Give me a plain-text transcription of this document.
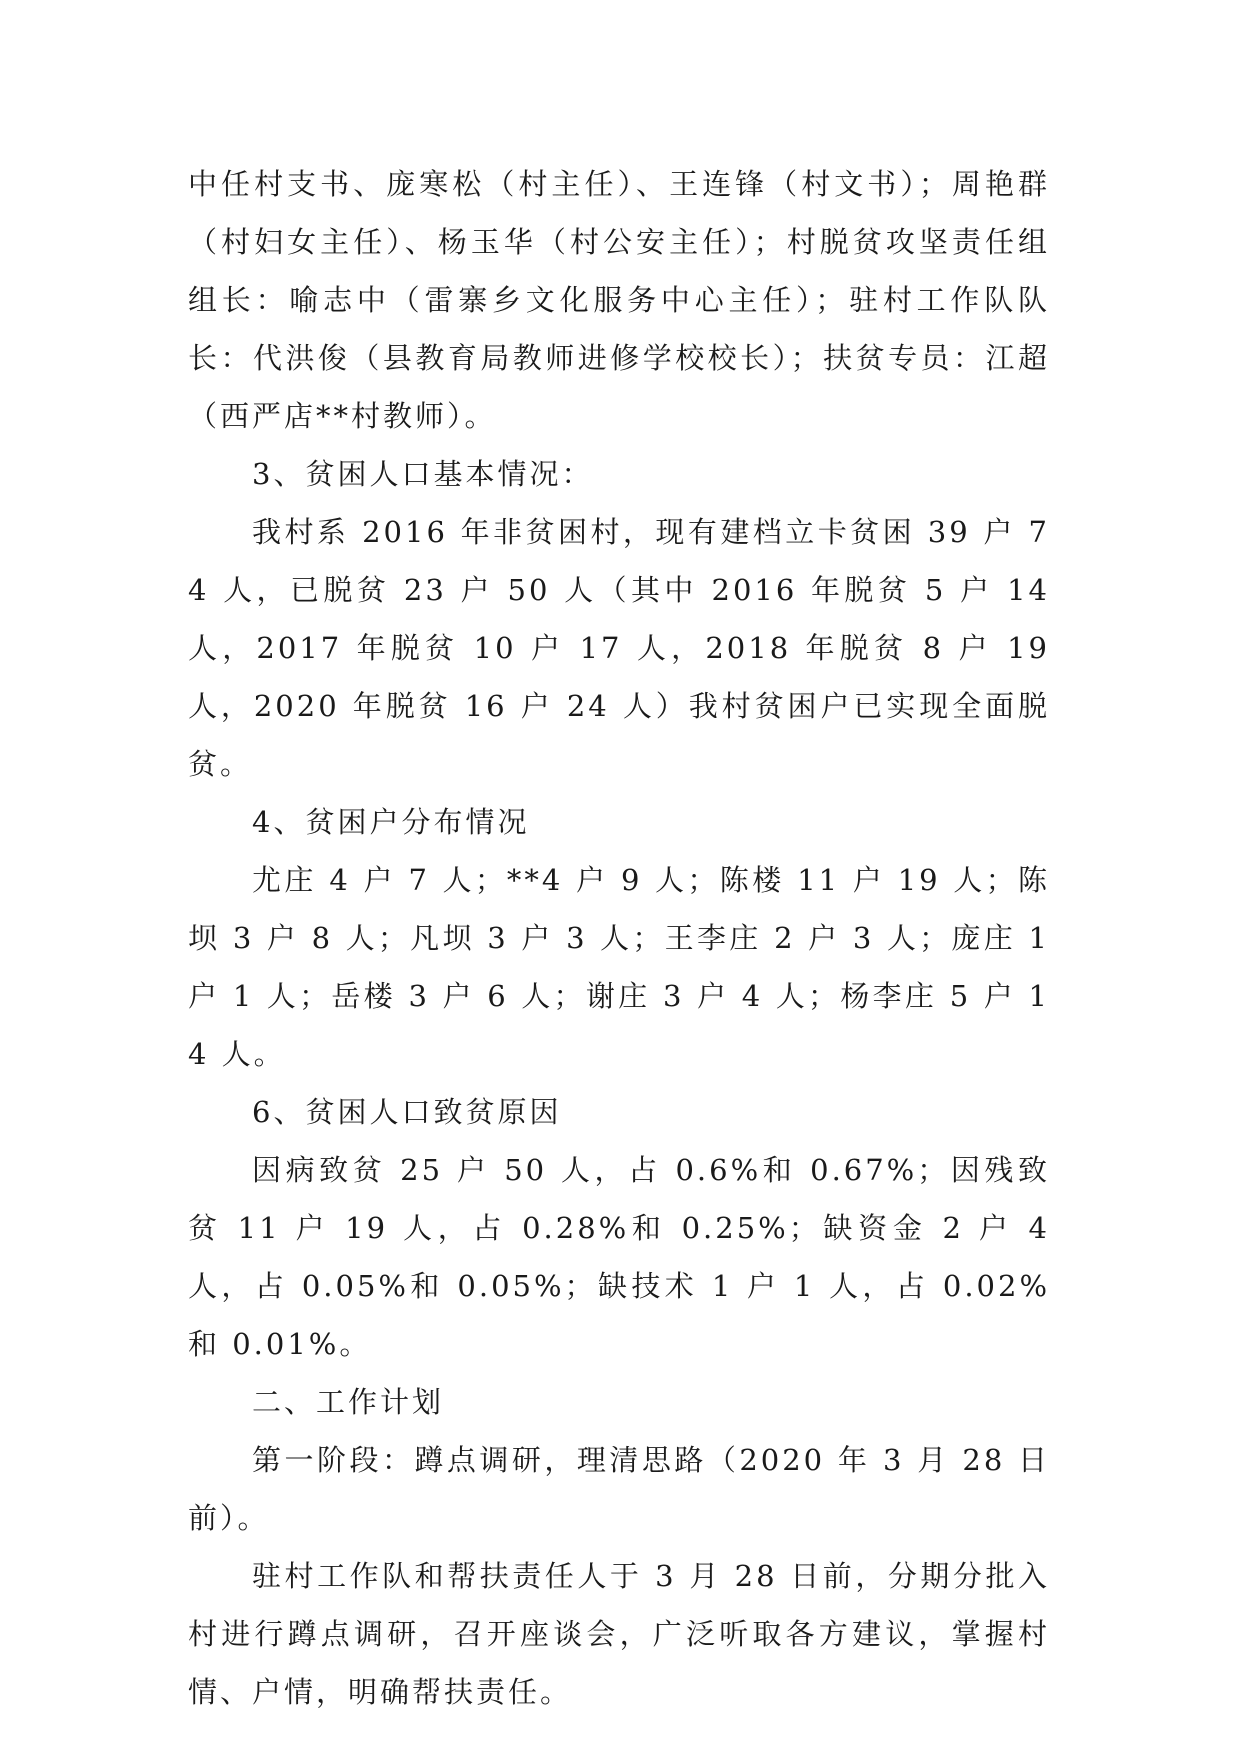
中任村支书、庞寒松（村主任）、王连锋（村文书）；周艳群（村妇女主任）、杨玉华（村公安主任）；村脱贫攻坚责任组组长：喻志中（雷寨乡文化服务中心主任）；驻村工作队队长：代洪俊（县教育局教师进修学校校长）；扶贫专员：江超（西严店**村教师）。

3、贫困人口基本情况：

我村系 2016 年非贫困村，现有建档立卡贫困 39 户 74 人，已脱贫 23 户 50 人（其中 2016 年脱贫 5 户 14 人，2017 年脱贫 10 户 17 人，2018 年脱贫 8 户 19 人，2020 年脱贫 16 户 24 人）我村贫困户已实现全面脱贫。

4、贫困户分布情况

尤庄 4 户 7 人；**4 户 9 人；陈楼 11 户 19 人；陈坝 3 户 8 人；凡坝 3 户 3 人；王李庄 2 户 3 人；庞庄 1 户 1 人；岳楼 3 户 6 人；谢庄 3 户 4 人；杨李庄 5 户 14 人。

6、贫困人口致贫原因

因病致贫 25 户 50 人，占 0.6%和 0.67%；因残致贫 11 户 19 人，占 0.28%和 0.25%；缺资金 2 户 4 人，占 0.05%和 0.05%；缺技术 1 户 1 人，占 0.02%和 0.01%。

二、工作计划

第一阶段：蹲点调研，理清思路（2020 年 3 月 28 日前）。

驻村工作队和帮扶责任人于 3 月 28 日前，分期分批入村进行蹲点调研，召开座谈会，广泛听取各方建议，掌握村情、户情，明确帮扶责任。
